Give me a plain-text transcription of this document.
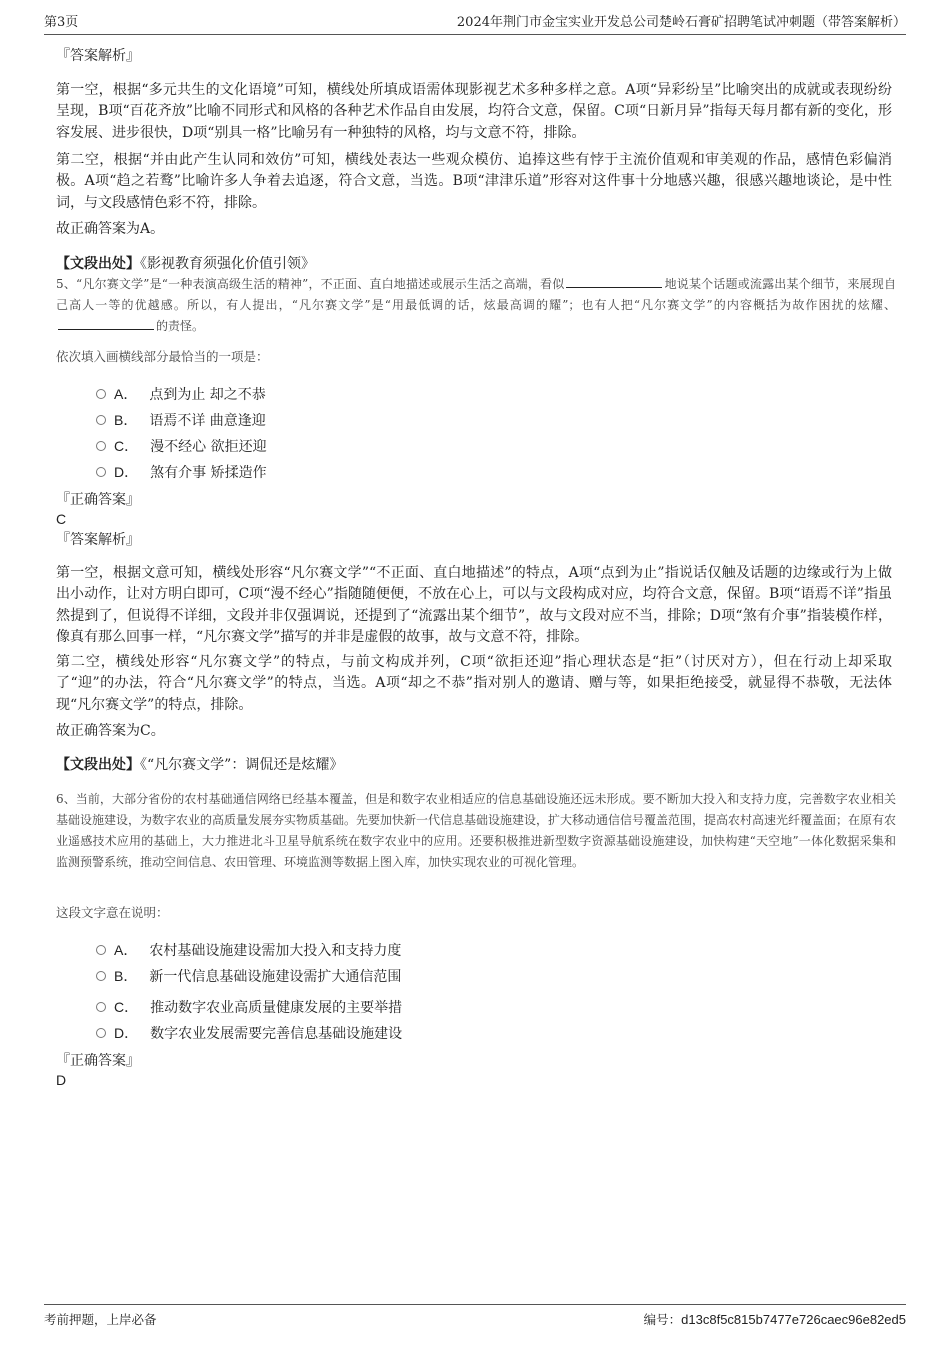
第3页	2024年荆门市金宝实业开发总公司楚岭石膏矿招聘笔试冲刺题（带答案解析）
『答案解析』
第一空，根据“多元共生的文化语境”可知，横线处所填成语需体现影视艺术多种多样之意。A项“异彩纷呈”比喻突出的成就或表现纷纷呈现，B项“百花齐放”比喻不同形式和风格的各种艺术作品自由发展，均符合文意，保留。C项“日新月异”指每天每月都有新的变化，形容发展、进步很快，D项“别具一格”比喻另有一种独特的风格，均与文意不符，排除。
第二空，根据“并由此产生认同和效仿”可知，横线处表达一些观众模仿、追捧这些有悖于主流价值观和审美观的作品，感情色彩偏消极。A项“趋之若鹜”比喻许多人争着去追逐，符合文意，当选。B项“津津乐道”形容对这件事十分地感兴趣，很感兴趣地谈论，是中性词，与文段感情色彩不符，排除。
故正确答案为A。
【文段出处】《影视教育须强化价值引领》
5、“凡尔赛文学”是“一种表演高级生活的精神”，不正面、直白地描述或展示生活之高端，看似	地说某个话题或流露出某个细节，来展现自己高人一等的优越感。所以，有人提出，“凡尔赛文学”是“用最低调的话，炫最高调的耀”；也有人把“凡尔赛文学”的内容概括为故作困扰的炫耀、的责怪。
依次填入画横线部分最恰当的一项是：
A． 点到为止 却之不恭
B． 语焉不详 曲意逢迎
C． 漫不经心 欲拒还迎
D． 煞有介事 矫揉造作
『正确答案』
C
『答案解析』
第一空，根据文意可知，横线处形容“凡尔赛文学”“不正面、直白地描述”的特点，A项“点到为止”指说话仅触及话题的边缘或行为上做出小动作，让对方明白即可，C项“漫不经心”指随随便便，不放在心上，可以与文段构成对应，均符合文意，保留。B项“语焉不详”指虽然提到了，但说得不详细，文段并非仅强调说，还提到了“流露出某个细节”，故与文段对应不当，排除；D项“煞有介事”指装模作样，像真有那么回事一样，“凡尔赛文学”描写的并非是虚假的故事，故与文意不符，排除。
第二空，横线处形容“凡尔赛文学”的特点，与前文构成并列，C项“欲拒还迎”指心理状态是“拒”（讨厌对方），但在行动上却采取了“迎”的办法，符合“凡尔赛文学”的特点，当选。A项“却之不恭”指对别人的邀请、赠与等，如果拒绝接受，就显得不恭敬，无法体现“凡尔赛文学”的特点，排除。
故正确答案为C。
【文段出处】《“凡尔赛文学”：调侃还是炫耀》
6、当前，大部分省份的农村基础通信网络已经基本覆盖，但是和数字农业相适应的信息基础设施还远未形成。要不断加大投入和支持力度，完善数字农业相关基础设施建设，为数字农业的高质量发展夯实物质基础。先要加快新一代信息基础设施建设，扩大移动通信信号覆盖范围，提高农村高速光纤覆盖面；在原有农业遥感技术应用的基础上，大力推进北斗卫星导航系统在数字农业中的应用。还要积极推进新型数字资源基础设施建设，加快构建“天空地”一体化数据采集和监测预警系统，推动空间信息、农田管理、环境监测等数据上图入库，加快实现农业的可视化管理。
这段文字意在说明：
A． 农村基础设施建设需加大投入和支持力度
B． 新一代信息基础设施建设需扩大通信范围
C． 推动数字农业高质量健康发展的主要举措
D． 数字农业发展需要完善信息基础设施建设
『正确答案』
D
考前押题，上岸必备	编号：d13c8f5c815b7477e726caec96e82ed5
